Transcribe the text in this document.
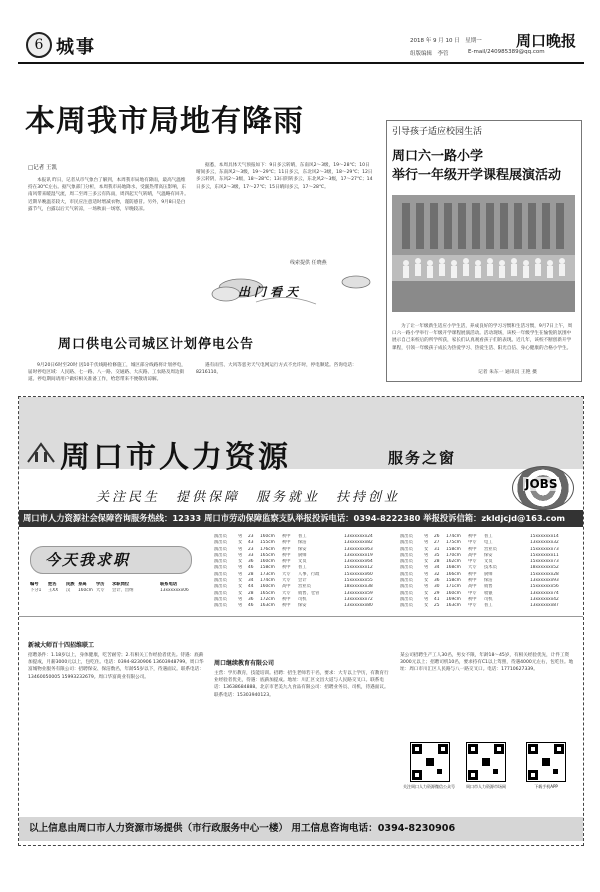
6 城事	2018 年 9 月 10 日　星期一 周口晚报
组版编辑　李管	E-mail/240985389@qq.com
本周我市局地有降雨
□记者 王凯
本报讯 昨日，记者从市气象台了解到，本周我市局地有降雨，最高气温维持在30℃左右。据气象部门分析，本周我市局地降水，受副热带高压影响，东南风带来暖湿气流，周二至周三多云有阵雨，周四起天气转晴，气温略有回升。近期早晚温差较大，市民应注意适时增减衣物，谨防感冒。另外，9月8日是白露节气，白露以后天气转凉，一场秋雨一场寒，早晚较凉。
据悉，本周具体天气预报如下：9日多云转晴，东南风2～3级，19～28℃；10日晴间多云，东南风2～3级，19～29℃；11日多云，东北风2～3级，18～29℃；12日多云转阴，东风2～3级，18～28℃；13日阴转多云，东北风2～3级，17～27℃；14日多云，东风2～3级，17～27℃；15日晴间多云，17～28℃。
线索提供 任晓燕
出门看天
引导孩子适应校园生活
周口六一路小学
举行一年级开学课程展演活动
为了让一年级新生适应小学生活，养成良好的学习习惯和生活习惯，9月7日上午，周口六一路小学举行一年级开学课程展演活动。活动现场，该校一年级学生在愉悦的氛围中展示自己来校后的所学所获，家长们认真观看孩子们的表现。近几年，该校不断创新开学课程，引领一年级孩子成长为热爱学习、热爱生活、阳光自信、身心健康的合格小学生。
记者 朱东一 通讯员 王艳 摄
周口供电公司城区计划停电公告
9月20日6时至20时 因10千伏线路检修施工，城区部分线路将计划停电，届时停电区域：人民路、七一路、八一路、交通路、大庆路、工农路及周边街道。停电期间请用户做好相关准备工作，给您带来不便敬请谅解。
遇有雨雪、大风等恶劣天气电网运行方式不允许时，停电顺延。咨询电话：8216110。
周口市人力资源	服务之窗
关注民生　提供保障　服务就业　扶持创业
JOBS
周口市人力资源社会保障咨询服务热线：12333 周口市劳动保障监察支队举报投诉电话：0394-8222380 举报投诉信箱：zkldjcjd@163.com
今天我求职
编号	姓名	民族 身高	学历	求职岗位	联系电话
下分1	王XX	汉	160cm 大专	会计、出纳	13xxxxxxx06
演出员	男	23	160cm	初中	普工	13xxxxxxx24
演出员	女	43	155cm	初中	保洁	13xxxxxxx82
演出员	男	23	176cm	初中	保安	13xxxxxxx63
演出员	男	33	165cm	初中	厨师	13xxxxxxx19
演出员	女	36	160cm	初中	文员	13xxxxxxx64
演出员	男	46	158cm	初中	普工	15xxxxxxx12
演出员	男	28	173cm	大专	人事、行政	15xxxxxxx60
演出员	女	34	174cm	大专	会计	15xxxxxxx55
演出员	女	44	160cm	高中	营业员	18xxxxxxx38
演出员	女	28	165cm	大专	销售、仓管	13xxxxxxx59
演出员	男	36	172cm	初中	司机	13xxxxxxx72
演出员	男	46	163cm	初中	保安	13xxxxxxx80
演出员	男	26	174cm	初中	普工	15xxxxxxx14
演出员	男	27	175cm	中专	电工	13xxxxxxx32
演出员	女	31	158cm	初中	营业员	15xxxxxxx73
演出员	男	35	170cm	高中	保安	15xxxxxxx11
演出员	女	28	162cm	中专	文员	15xxxxxxx73
演出员	男	34	168cm	大专	技术员	18xxxxxxx52
演出员	男	32	166cm	初中	厨师	15xxxxxxx28
演出员	女	36	158cm	初中	保洁	13xxxxxxx93
演出员	男	30	171cm	高中	销售	15xxxxxxx56
演出员	女	29	160cm	中专	收银	13xxxxxxx74
演出员	男	41	169cm	初中	司机	13xxxxxxx42
演出员	女	25	163cm	中专	普工	13xxxxxxx87
新城大师百十四招维联工
招聘条件：1.18岁以上，身体健康，吃苦耐劳；2.有相关工作经验者优先。待遇：底薪加提成，月薪3000元以上，包吃住。电话：0394-8230906 13603948799。周口华富城物业服务有限公司：招聘保安、保洁数名，年龄55岁以下，待遇面议。联系电话：13460050005 15993232679。周口华富商业有限公司。
周口继续教育有限公司
主营：学历教育，技能培训。招聘：招生老师若干名，要求：大专以上学历，有教育行业经验者优先，待遇：底薪加提成。地址：川汇区文昌大道与人民路交叉口。联系电话：13638684888。北京市老美九九食品有限公司：招聘业务员、司机，待遇面议。联系电话：15303940123。
某公司招聘生产工人30名，男女不限，年龄18～45岁，有相关经验优先，计件工资3000元以上；招聘司机10名，要求持有C1以上驾照，待遇4000元左右，包吃住。地址：周口市川汇区人民路与八一路交叉口。电话：17710627339。
关注周口人力资源微信公众号	周口市人力资源市场网	下载手机APP
以上信息由周口市人力资源市场提供（市行政服务中心一楼） 用工信息咨询电话：0394-8230906
